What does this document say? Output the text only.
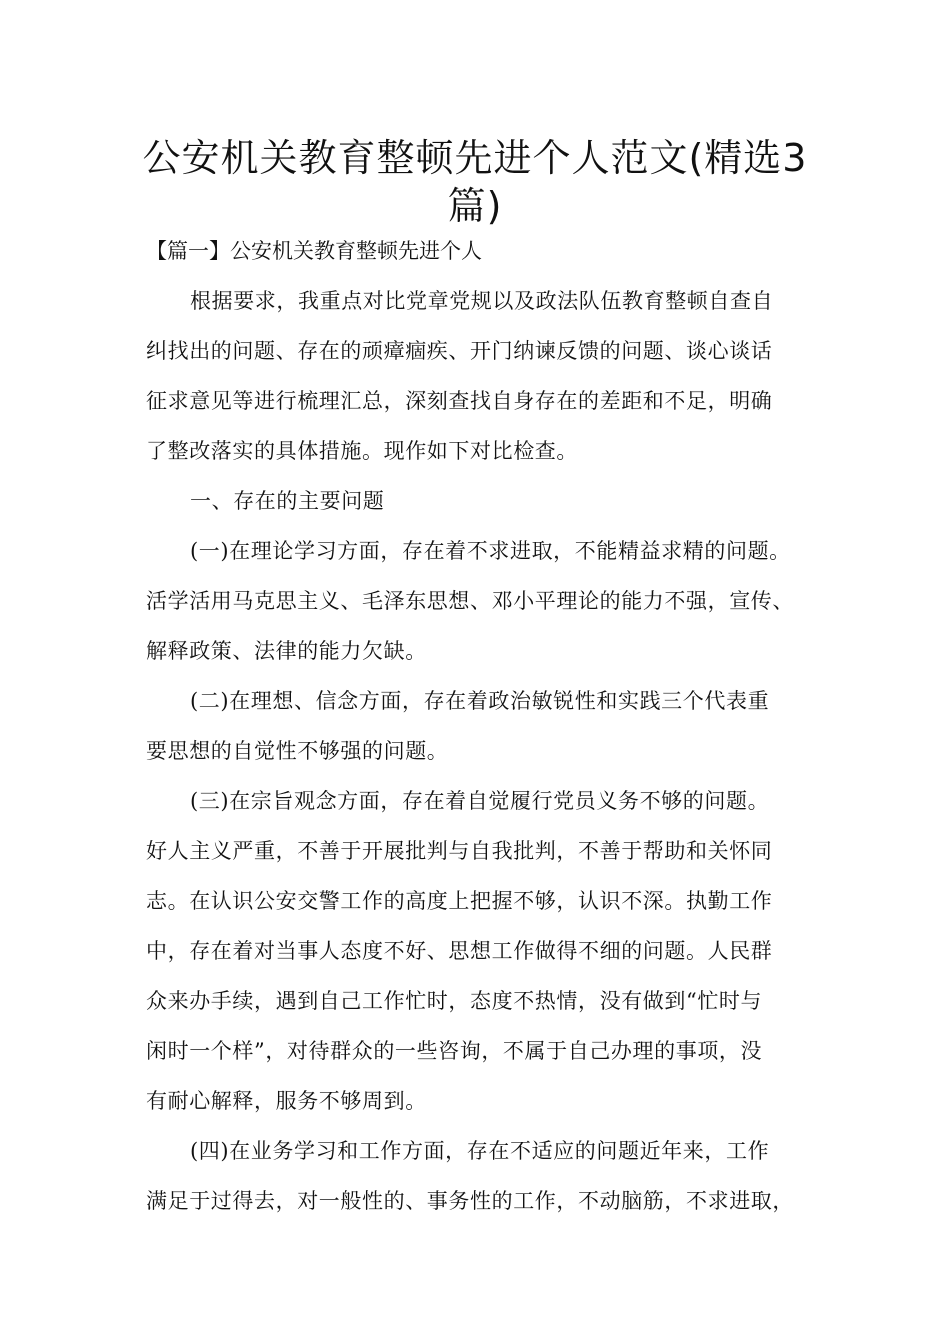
公安机关教育整顿先进个人范文(精选3
篇)
【篇一】公安机关教育整顿先进个人
根据要求，我重点对比党章党规以及政法队伍教育整顿自查自
纠找出的问题、存在的顽瘴痼疾、开门纳谏反馈的问题、谈心谈话
征求意见等进行梳理汇总，深刻查找自身存在的差距和不足，明确
了整改落实的具体措施。现作如下对比检查。
一、存在的主要问题
(一)在理论学习方面，存在着不求进取，不能精益求精的问题。
活学活用马克思主义、毛泽东思想、邓小平理论的能力不强，宣传、
解释政策、法律的能力欠缺。
(二)在理想、信念方面，存在着政治敏锐性和实践三个代表重
要思想的自觉性不够强的问题。
(三)在宗旨观念方面，存在着自觉履行党员义务不够的问题。
好人主义严重，不善于开展批判与自我批判，不善于帮助和关怀同
志。在认识公安交警工作的高度上把握不够，认识不深。执勤工作
中，存在着对当事人态度不好、思想工作做得不细的问题。人民群
众来办手续，遇到自己工作忙时，态度不热情，没有做到“忙时与
闲时一个样”，对待群众的一些咨询，不属于自己办理的事项，没
有耐心解释，服务不够周到。
(四)在业务学习和工作方面，存在不适应的问题近年来，工作
满足于过得去，对一般性的、事务性的工作，不动脑筋，不求进取，
